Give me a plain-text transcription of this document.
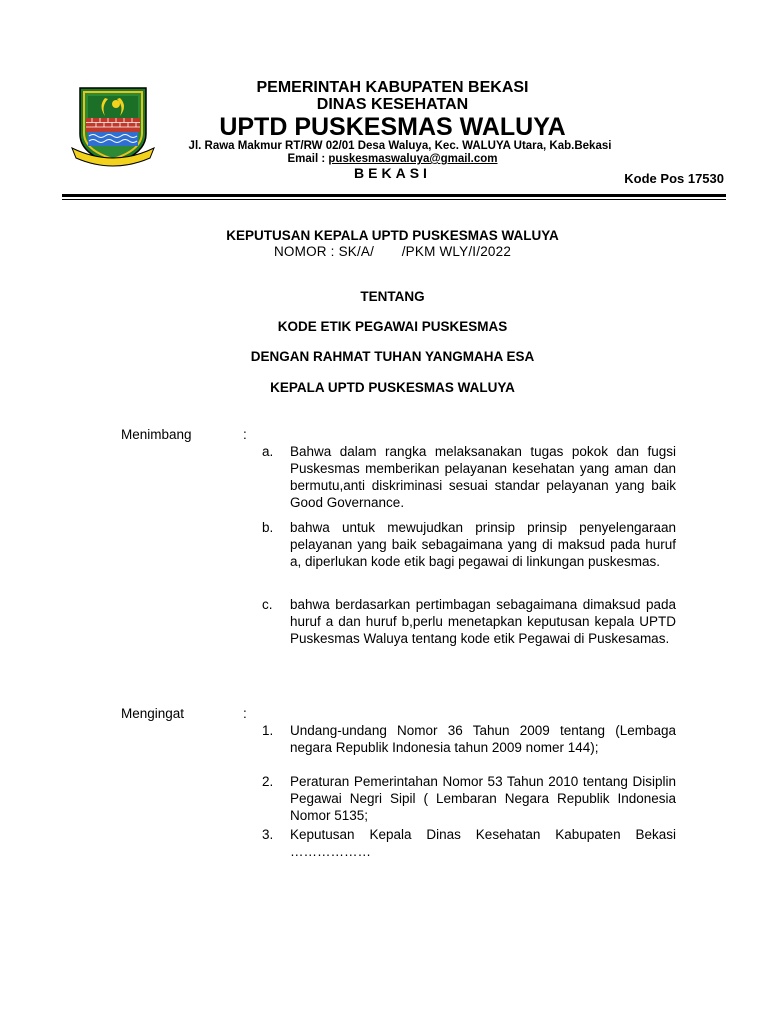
PEMERINTAH KABUPATEN BEKASI
DINAS KESEHATAN
UPTD PUSKESMAS WALUYA
Jl. Rawa Makmur RT/RW 02/01 Desa Waluya, Kec. WALUYA Utara, Kab.Bekasi
Email : puskesmaswaluya@gmail.com
BEKASI	Kode Pos 17530
KEPUTUSAN KEPALA UPTD PUSKESMAS WALUYA
NOMOR : SK/A/       /PKM WLY/I/2022
TENTANG
KODE ETIK PEGAWAI PUSKESMAS
DENGAN RAHMAT TUHAN YANGMAHA ESA
KEPALA UPTD PUSKESMAS WALUYA
Menimbang	:
a.	Bahwa dalam rangka melaksanakan tugas pokok dan fugsi Puskesmas memberikan pelayanan kesehatan yang aman dan bermutu,anti diskriminasi sesuai standar pelayanan yang baik Good Governance.
b.	bahwa untuk mewujudkan prinsip prinsip penyelengaraan pelayanan yang baik sebagaimana yang di maksud pada huruf a, diperlukan kode etik bagi pegawai di linkungan puskesmas.
c.	bahwa berdasarkan pertimbagan sebagaimana dimaksud pada huruf a dan huruf b,perlu menetapkan keputusan kepala UPTD Puskesmas Waluya tentang kode etik Pegawai di Puskesamas.
Mengingat	:
1.	Undang-undang Nomor 36 Tahun 2009 tentang (Lembaga negara Republik Indonesia tahun 2009 nomer 144);
2.	Peraturan Pemerintahan Nomor 53 Tahun 2010 tentang Disiplin Pegawai Negri Sipil ( Lembaran Negara Republik Indonesia Nomor 5135;
3.	Keputusan Kepala Dinas Kesehatan Kabupaten Bekasi ………………
